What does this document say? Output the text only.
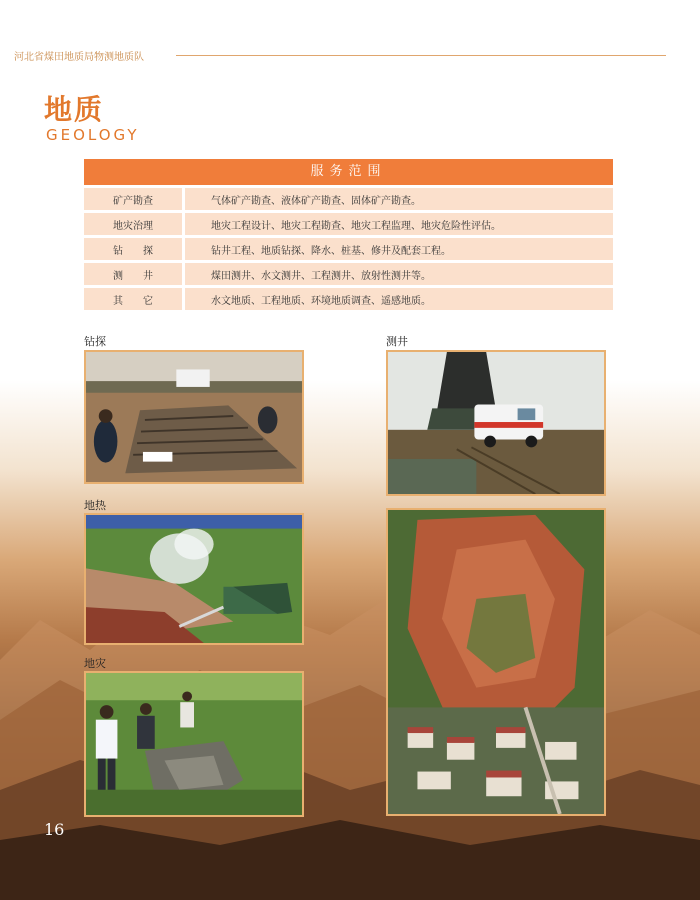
河北省煤田地质局物测地质队
地质
GEOLOGY
服务范围
矿产勘查	气体矿产勘查、液体矿产勘查、固体矿产勘查。
地灾治理	地灾工程设计、地灾工程勘查、地灾工程监理、地灾危险性评估。
钻　　探	钻井工程、地质钻探、降水、桩基、修井及配套工程。
测　　井	煤田测井、水文测井、工程测井、放射性测井等。
其　　它	水文地质、工程地质、环境地质调查、遥感地质。
钻探	测井
地热
地灾
16
